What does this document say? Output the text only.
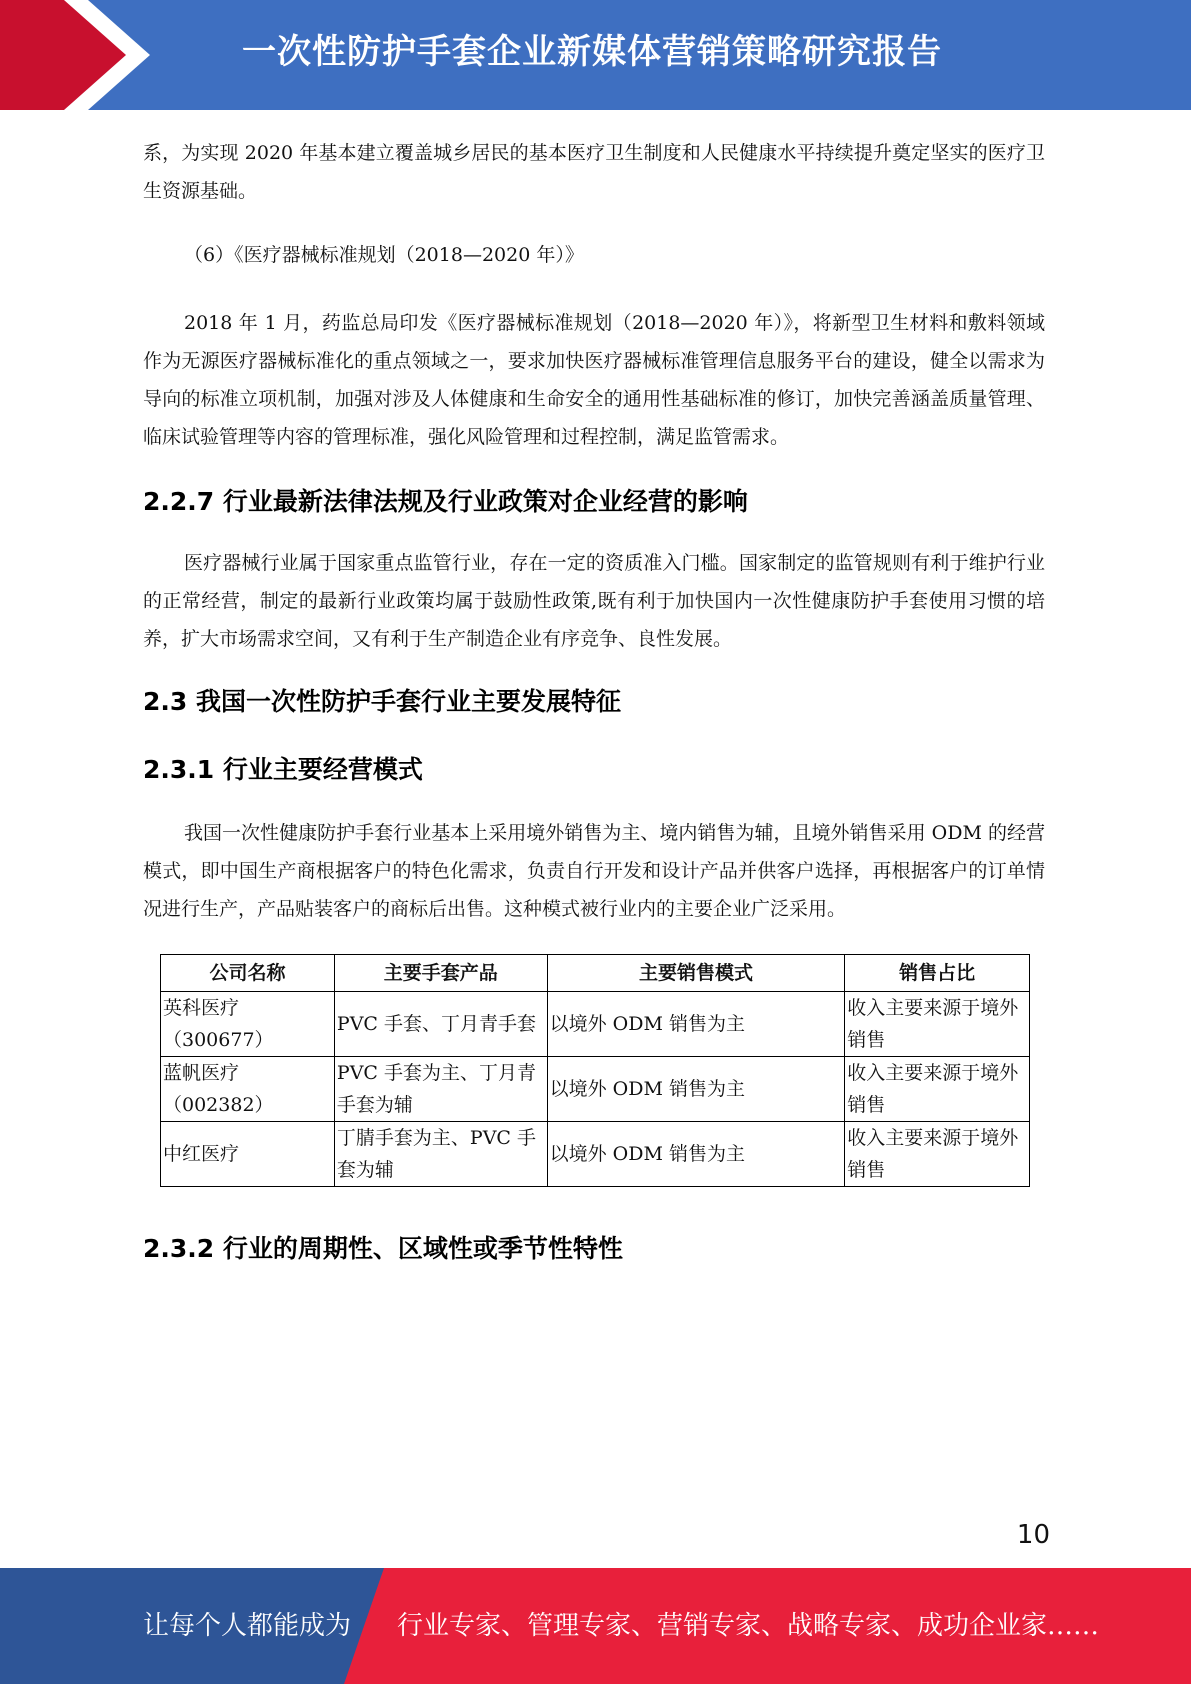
一次性防护手套企业新媒体营销策略研究报告

系，为实现 2020 年基本建立覆盖城乡居民的基本医疗卫生制度和人民健康水平持续提升奠定坚实的医疗卫生资源基础。

（6）《医疗器械标准规划（2018—2020 年）》

2018 年 1 月，药监总局印发《医疗器械标准规划（2018—2020 年）》，将新型卫生材料和敷料领域作为无源医疗器械标准化的重点领域之一，要求加快医疗器械标准管理信息服务平台的建设，健全以需求为导向的标准立项机制，加强对涉及人体健康和生命安全的通用性基础标准的修订，加快完善涵盖质量管理、临床试验管理等内容的管理标准，强化风险管理和过程控制，满足监管需求。

2.2.7 行业最新法律法规及行业政策对企业经营的影响

医疗器械行业属于国家重点监管行业，存在一定的资质准入门槛。国家制定的监管规则有利于维护行业的正常经营，制定的最新行业政策均属于鼓励性政策,既有利于加快国内一次性健康防护手套使用习惯的培养，扩大市场需求空间，又有利于生产制造企业有序竞争、良性发展。

2.3 我国一次性防护手套行业主要发展特征
2.3.1 行业主要经营模式

我国一次性健康防护手套行业基本上采用境外销售为主、境内销售为辅，且境外销售采用 ODM 的经营模式，即中国生产商根据客户的特色化需求，负责自行开发和设计产品并供客户选择，再根据客户的订单情况进行生产，产品贴装客户的商标后出售。这种模式被行业内的主要企业广泛采用。

公司名称	主要手套产品	主要销售模式	销售占比
英科医疗（300677）	PVC 手套、丁月青手套	以境外 ODM 销售为主	收入主要来源于境外销售
蓝帆医疗（002382）	PVC 手套为主、丁月青手套为辅	以境外 ODM 销售为主	收入主要来源于境外销售
中红医疗	丁腈手套为主、PVC 手套为辅	以境外 ODM 销售为主	收入主要来源于境外销售
2.3.2 行业的周期性、区域性或季节性特性
10
让每个人都能成为 行业专家、管理专家、营销专家、战略专家、成功企业家……
